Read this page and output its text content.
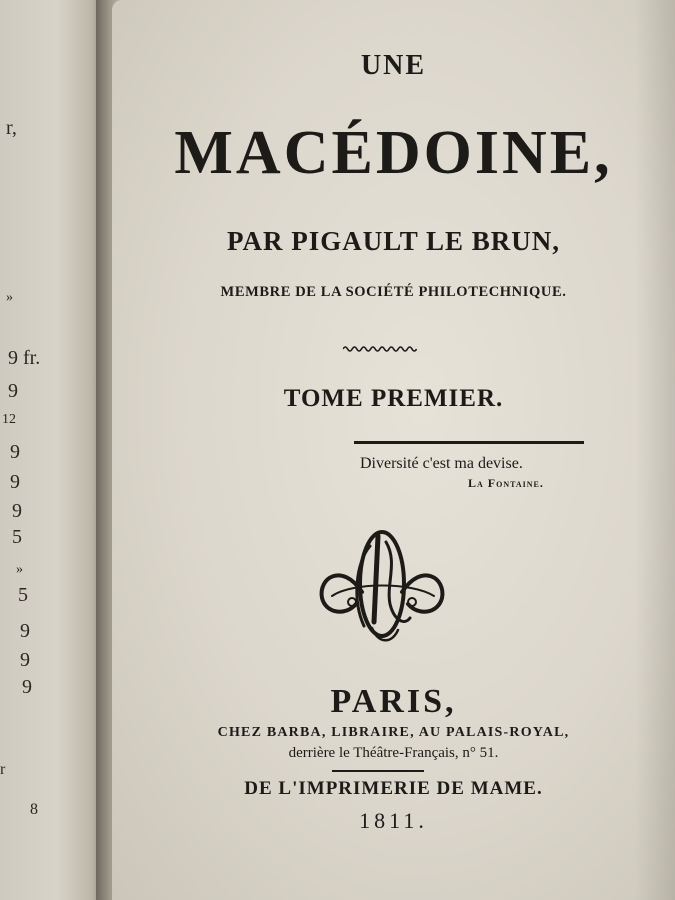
r,
»
9 fr.
9
12
9
9
9
5
»
5
9
9
9
r
8
UNE
MACÉDOINE,
PAR PIGAULT LE BRUN,
MEMBRE DE LA SOCIÉTÉ PHILOTECHNIQUE.
TOME PREMIER.
Diversité c'est ma devise.
La Fontaine.
PARIS,
CHEZ BARBA, LIBRAIRE, AU PALAIS-ROYAL,
derrière le Théâtre-Français, n° 51.
DE L'IMPRIMERIE DE MAME.
1811.
